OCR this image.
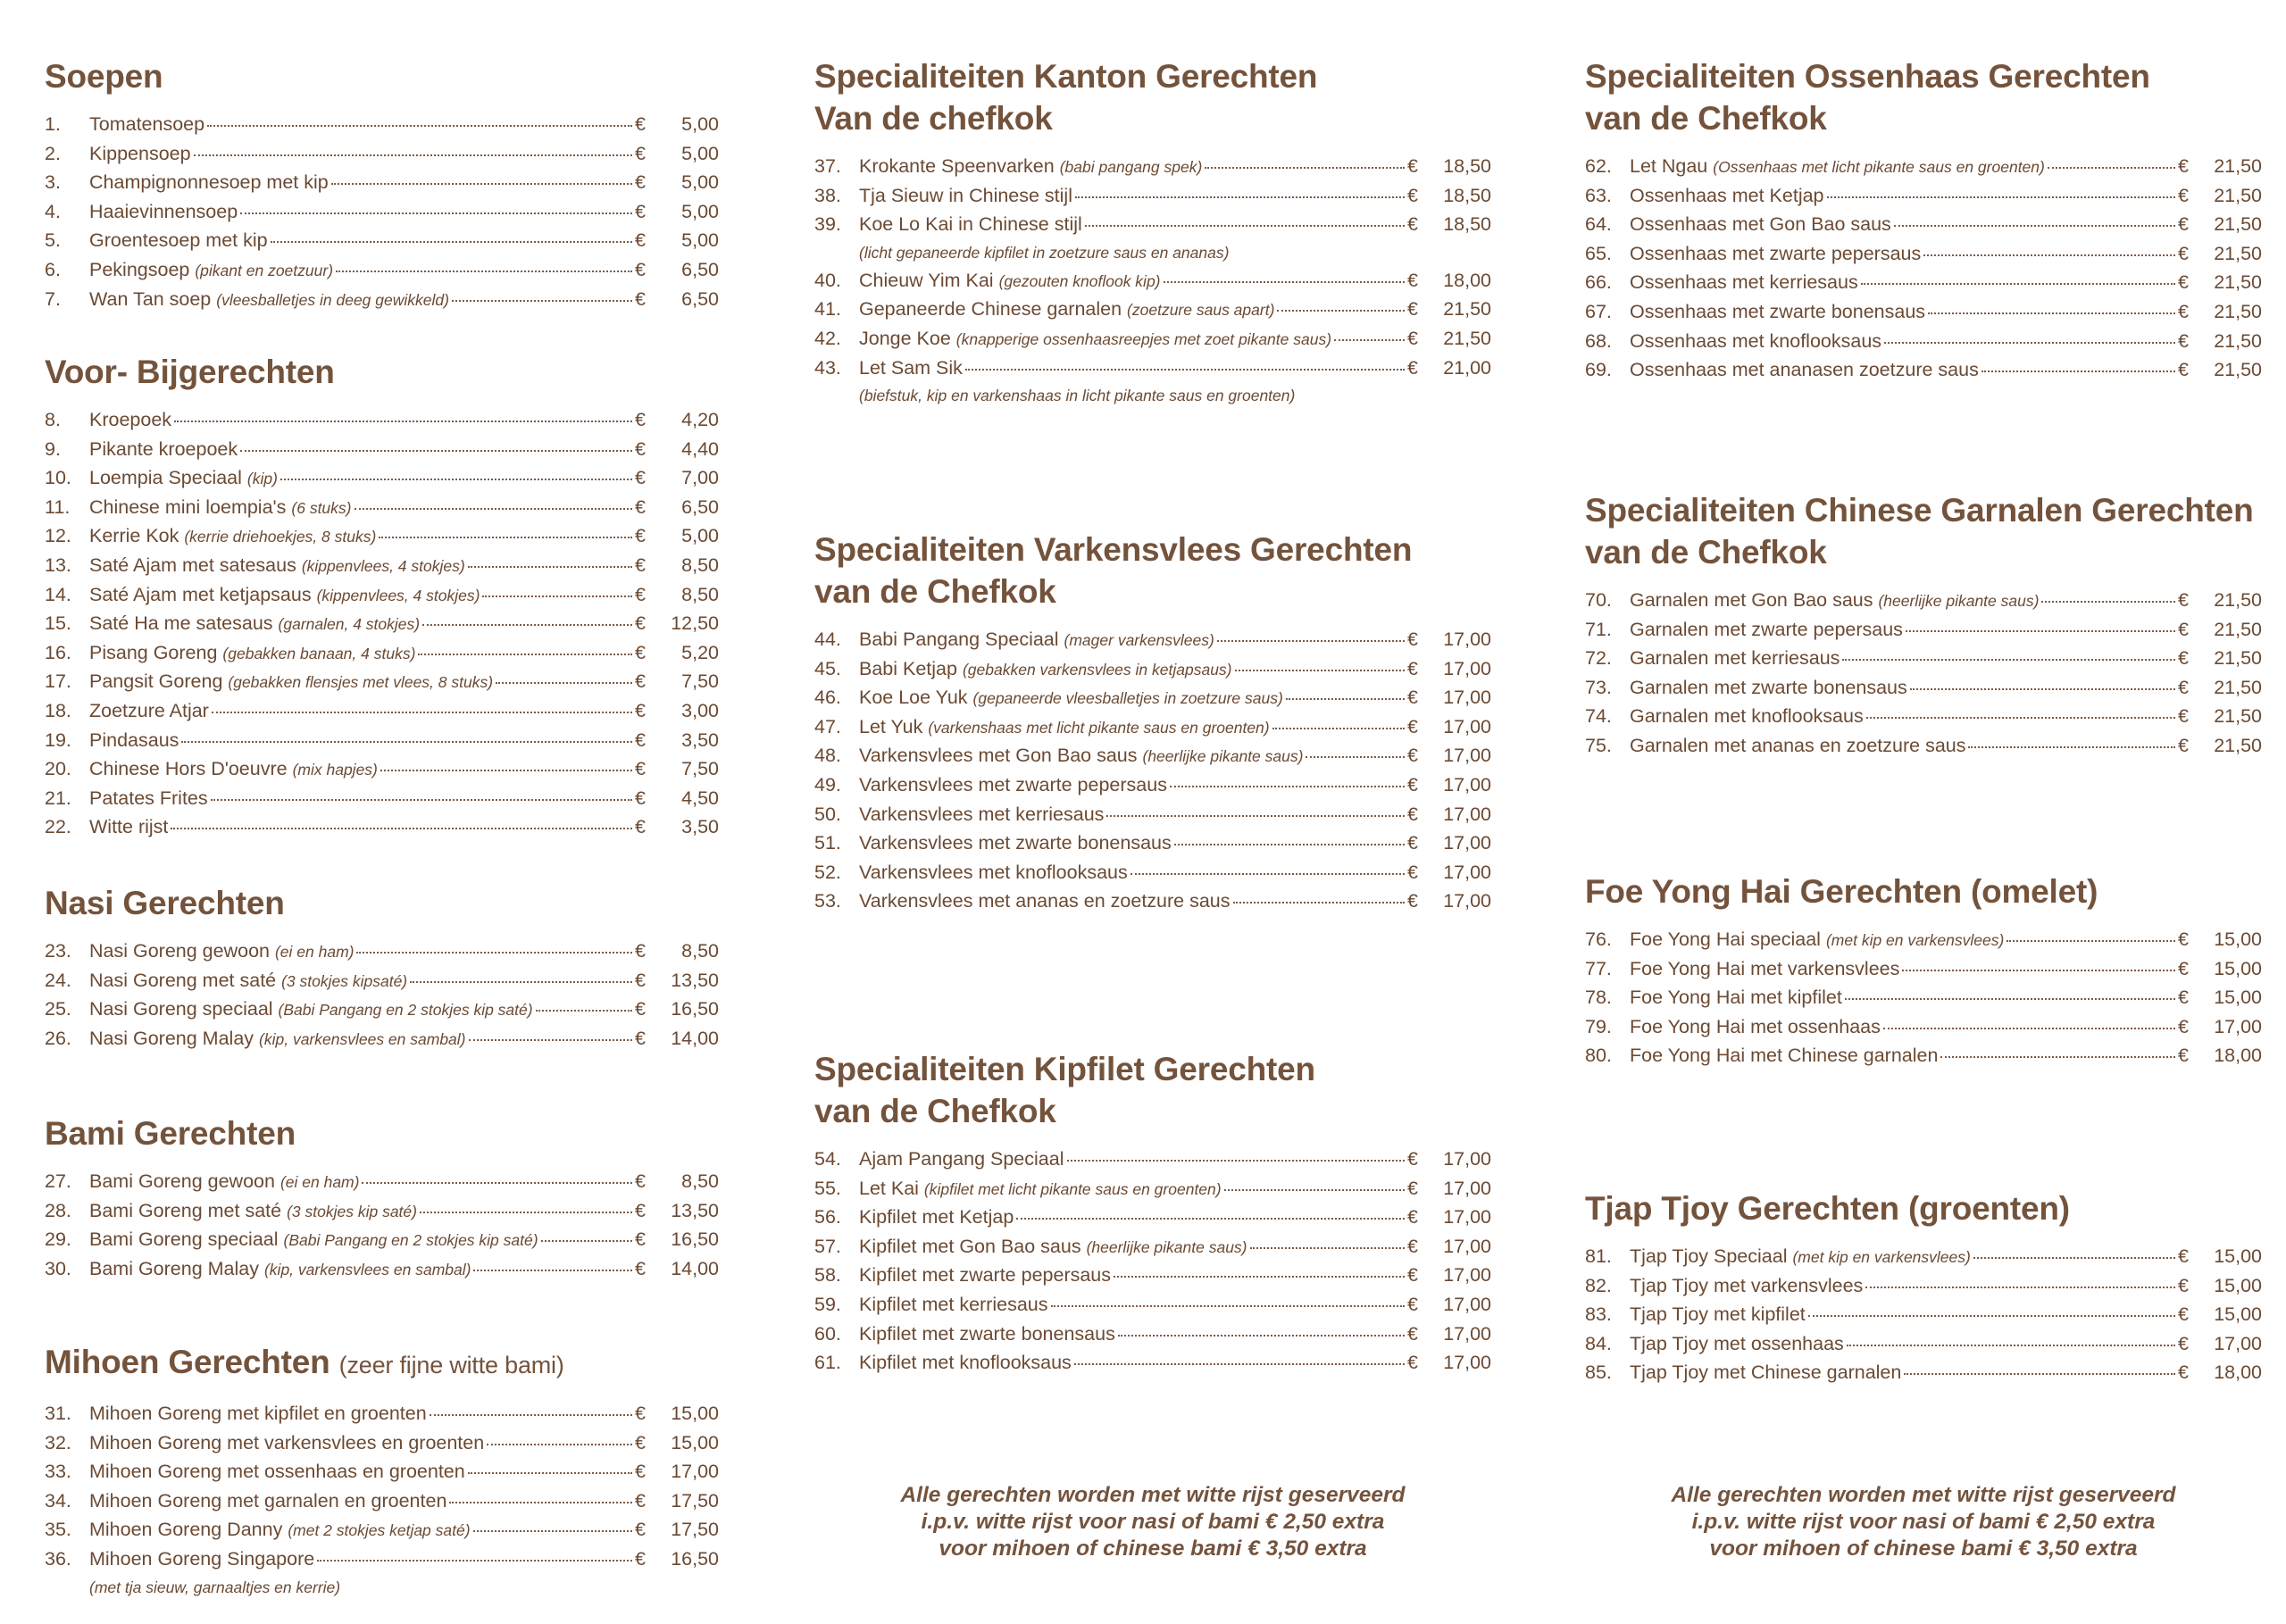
Soepen
1.	Tomatensoep	€	5,00
2.	Kippensoep	€	5,00
3.	Champignonnesoep met kip	€	5,00
4.	Haaievinnensoep	€	5,00
5.	Groentesoep met kip	€	5,00
6.	Pekingsoep (pikant en zoetzuur)	€	6,50
7.	Wan Tan soep (vleesballetjes in deeg gewikkeld)	€	6,50
Voor- Bijgerechten
8.	Kroepoek	€	4,20
9.	Pikante kroepoek	€	4,40
10. Loempia Speciaal (kip)	€	7,00
11.	Chinese mini loempia's (6 stuks)	€	6,50
12. Kerrie Kok (kerrie driehoekjes, 8 stuks)	€	5,00
13. Saté Ajam met satesaus (kippenvlees, 4 stokjes)	€	8,50
14. Saté Ajam met ketjapsaus (kippenvlees, 4 stokjes)	€	8,50
15. Saté Ha me satesaus (garnalen, 4 stokjes)	€	12,50
16. Pisang Goreng (gebakken banaan, 4 stuks)	€	5,20
17. Pangsit Goreng (gebakken flensjes met vlees, 8 stuks)	€	7,50
18. Zoetzure Atjar	€	3,00
19. Pindasaus	€	3,50
20. Chinese Hors D'oeuvre (mix hapjes)	€	7,50
21. Patates Frites	€	4,50
22. Witte rijst	€	3,50
Nasi Gerechten
23. Nasi Goreng gewoon (ei en ham)	€	8,50
24. Nasi Goreng met saté (3 stokjes kipsaté)	€	13,50
25. Nasi Goreng speciaal (Babi Pangang en 2 stokjes kip saté)	€	16,50
26. Nasi Goreng Malay (kip, varkensvlees en sambal)	€	14,00
Bami Gerechten
27. Bami Goreng gewoon (ei en ham)	€	8,50
28. Bami Goreng met saté (3 stokjes kip saté)	€	13,50
29. Bami Goreng speciaal (Babi Pangang en 2 stokjes kip saté)	€	16,50
30. Bami Goreng Malay (kip, varkensvlees en sambal)	€	14,00
Mihoen Gerechten (zeer fijne witte bami)
31. Mihoen Goreng met kipfilet en groenten	€	15,00
32. Mihoen Goreng met varkensvlees en groenten	€	15,00
33. Mihoen Goreng met ossenhaas en groenten	€	17,00
34. Mihoen Goreng met garnalen en groenten	€	17,50
35. Mihoen Goreng Danny (met 2 stokjes ketjap saté)	€	17,50
36. Mihoen Goreng Singapore	€	16,50
(met tja sieuw, garnaaltjes en kerrie)
Specialiteiten Kanton Gerechten
Van de chefkok
37. Krokante Speenvarken (babi pangang spek)	€	18,50
38. Tja Sieuw in Chinese stijl	€	18,50
39. Koe Lo Kai in Chinese stijl	€	18,50
(licht gepaneerde kipfilet in zoetzure saus en ananas)
40. Chieuw Yim Kai (gezouten knoflook kip)	€	18,00
41. Gepaneerde Chinese garnalen (zoetzure saus apart)	€	21,50
42. Jonge Koe (knapperige ossenhaasreepjes met zoet pikante saus)	€	21,50
43. Let Sam Sik	€	21,00
(biefstuk, kip en varkenshaas in licht pikante saus en groenten)
Specialiteiten Varkensvlees Gerechten
van de Chefkok
44. Babi Pangang Speciaal (mager varkensvlees)	€	17,00
45. Babi Ketjap (gebakken varkensvlees in ketjapsaus)	€	17,00
46. Koe Loe Yuk (gepaneerde vleesballetjes in zoetzure saus)	€	17,00
47. Let Yuk (varkenshaas met licht pikante saus en groenten)	€	17,00
48. Varkensvlees met Gon Bao saus (heerlijke pikante saus)	€	17,00
49. Varkensvlees met zwarte pepersaus	€	17,00
50. Varkensvlees met kerriesaus	€	17,00
51. Varkensvlees met zwarte bonensaus	€	17,00
52. Varkensvlees met knoflooksaus	€	17,00
53. Varkensvlees met ananas en zoetzure saus	€	17,00
Specialiteiten Kipfilet Gerechten
van de Chefkok
54. Ajam Pangang Speciaal	€	17,00
55. Let Kai (kipfilet met licht pikante saus en groenten)	€	17,00
56. Kipfilet met Ketjap	€	17,00
57. Kipfilet met Gon Bao saus (heerlijke pikante saus)	€	17,00
58. Kipfilet met zwarte pepersaus	€	17,00
59. Kipfilet met kerriesaus	€	17,00
60. Kipfilet met zwarte bonensaus	€	17,00
61. Kipfilet met knoflooksaus	€	17,00
Alle gerechten worden met witte rijst geserveerd
i.p.v. witte rijst voor nasi of bami € 2,50 extra
voor mihoen of chinese bami € 3,50 extra
Specialiteiten Ossenhaas Gerechten
van de Chefkok
62. Let Ngau (Ossenhaas met licht pikante saus en groenten)	€	21,50
63. Ossenhaas met Ketjap	€	21,50
64. Ossenhaas met Gon Bao saus	€	21,50
65. Ossenhaas met zwarte pepersaus	€	21,50
66. Ossenhaas met kerriesaus	€	21,50
67. Ossenhaas met zwarte bonensaus	€	21,50
68. Ossenhaas met knoflooksaus	€	21,50
69. Ossenhaas met ananasen zoetzure saus	€	21,50
Specialiteiten Chinese Garnalen Gerechten
van de Chefkok
70. Garnalen met Gon Bao saus (heerlijke pikante saus)	€	21,50
71. Garnalen met zwarte pepersaus	€	21,50
72. Garnalen met kerriesaus	€	21,50
73. Garnalen met zwarte bonensaus	€	21,50
74. Garnalen met knoflooksaus	€	21,50
75. Garnalen met ananas en zoetzure saus	€	21,50
Foe Yong Hai Gerechten (omelet)
76. Foe Yong Hai speciaal (met kip en varkensvlees)	€	15,00
77. Foe Yong Hai met varkensvlees	€	15,00
78. Foe Yong Hai met kipfilet	€	15,00
79. Foe Yong Hai met ossenhaas	€	17,00
80. Foe Yong Hai met Chinese garnalen	€	18,00
Tjap Tjoy Gerechten (groenten)
81. Tjap Tjoy Speciaal (met kip en varkensvlees)	€	15,00
82. Tjap Tjoy met varkensvlees	€	15,00
83. Tjap Tjoy met kipfilet	€	15,00
84. Tjap Tjoy met ossenhaas	€	17,00
85. Tjap Tjoy met Chinese garnalen	€	18,00
Alle gerechten worden met witte rijst geserveerd
i.p.v. witte rijst voor nasi of bami € 2,50 extra
voor mihoen of chinese bami € 3,50 extra
